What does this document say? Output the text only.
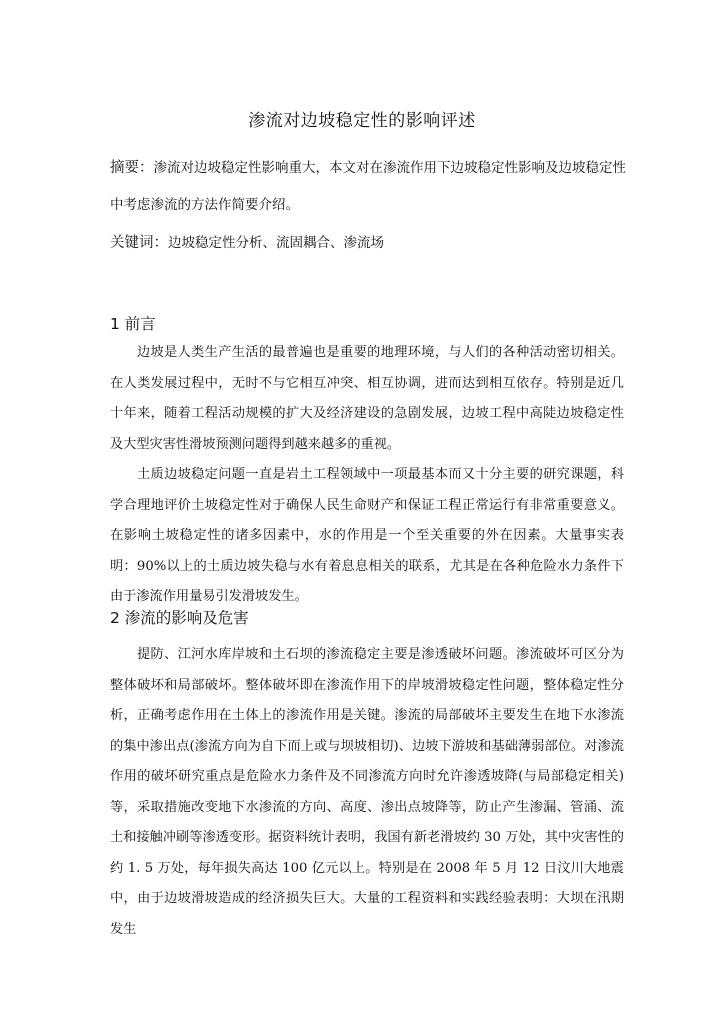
渗流对边坡稳定性的影响评述
摘要：渗流对边坡稳定性影响重大，本文对在渗流作用下边坡稳定性影响及边坡稳定性中考虑渗流的方法作简要介绍。
关键词：边坡稳定性分析、流固耦合、渗流场
1 前言
边坡是人类生产生活的最普遍也是重要的地理环境，与人们的各种活动密切相关。在人类发展过程中，无时不与它相互冲突、相互协调，进而达到相互依存。特别是近几十年来，随着工程活动规模的扩大及经济建设的急剧发展，边坡工程中高陡边坡稳定性及大型灾害性滑坡预测问题得到越来越多的重视。
土质边坡稳定问题一直是岩土工程领域中一项最基本而又十分主要的研究课题，科学合理地评价土坡稳定性对于确保人民生命财产和保证工程正常运行有非常重要意义。在影响土坡稳定性的诸多因素中，水的作用是一个至关重要的外在因素。大量事实表明：90%以上的土质边坡失稳与水有着息息相关的联系，尤其是在各种危险水力条件下由于渗流作用量易引发滑坡发生。
2 渗流的影响及危害
提防、江河水库岸坡和土石坝的渗流稳定主要是渗透破坏问题。渗流破坏可区分为整体破坏和局部破坏。整体破坏即在渗流作用下的岸坡滑坡稳定性问题，整体稳定性分析，正确考虑作用在土体上的渗流作用是关键。渗流的局部破坏主要发生在地下水渗流的集中渗出点(渗流方向为自下而上或与坝坡相切)、边坡下游坡和基础薄弱部位。对渗流作用的破坏研究重点是危险水力条件及不同渗流方向时允许渗透坡降(与局部稳定相关)等，采取措施改变地下水渗流的方向、高度、渗出点坡降等，防止产生渗漏、管涌、流土和接触冲刷等渗透变形。据资料统计表明，我国有新老滑坡约 30 万处，其中灾害性的约 1. 5 万处，每年损失高达 100 亿元以上。特别是在 2008 年 5 月 12 日汶川大地震中，由于边坡滑坡造成的经济损失巨大。大量的工程资料和实践经验表明：大坝在汛期发生
